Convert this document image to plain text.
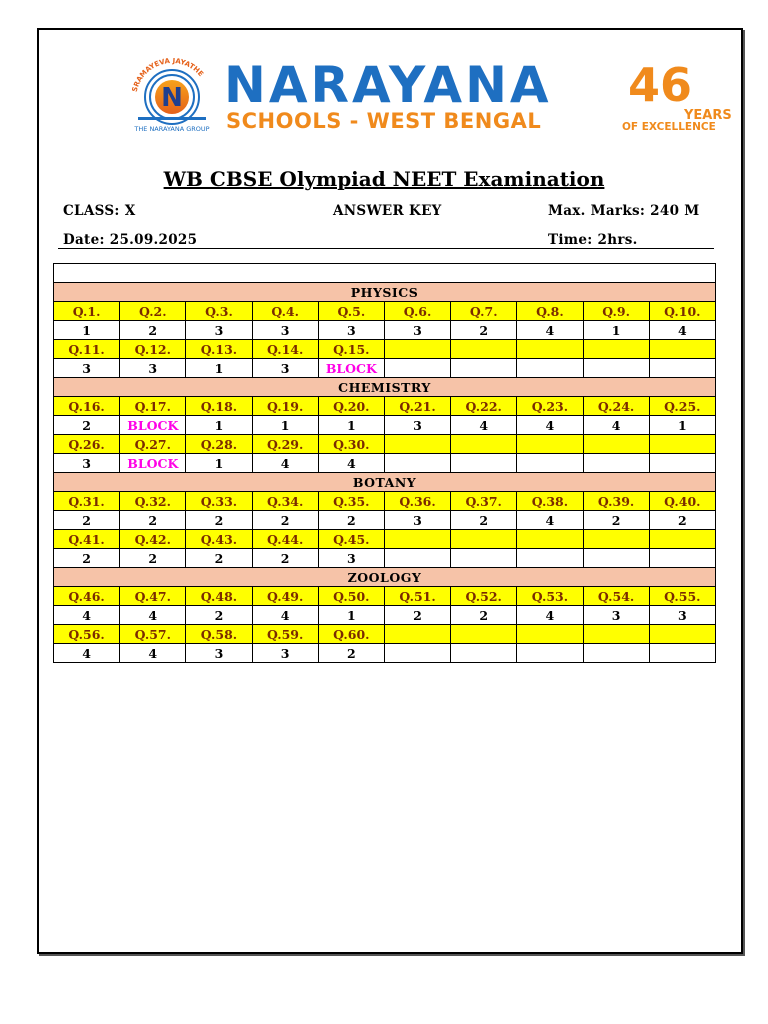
SRAMAYEVA JAYATHE
N
THE NARAYANA GROUP
NARAYANA
SCHOOLS - WEST BENGAL
46
YEARS
OF EXCELLENCE
WB CBSE Olympiad NEET Examination
CLASS: X	ANSWER KEY	Max. Marks: 240 M
Date: 25.09.2025	Time: 2hrs.

PHYSICS									
Q.1.	Q.2.	Q.3.	Q.4.	Q.5.	Q.6.	Q.7.	Q.8.	Q.9.	Q.10.
1	2	3	3	3	3	2	4	1	4
Q.11.	Q.12.	Q.13.	Q.14.	Q.15.					
3	3	1	3	BLOCK					
CHEMISTRY									
Q.16.	Q.17.	Q.18.	Q.19.	Q.20.	Q.21.	Q.22.	Q.23.	Q.24.	Q.25.
2	BLOCK	1	1	1	3	4	4	4	1
Q.26.	Q.27.	Q.28.	Q.29.	Q.30.					
3	BLOCK	1	4	4					
BOTANY									
Q.31.	Q.32.	Q.33.	Q.34.	Q.35.	Q.36.	Q.37.	Q.38.	Q.39.	Q.40.
2	2	2	2	2	3	2	4	2	2
Q.41.	Q.42.	Q.43.	Q.44.	Q.45.					
2	2	2	2	3					
ZOOLOGY									
Q.46.	Q.47.	Q.48.	Q.49.	Q.50.	Q.51.	Q.52.	Q.53.	Q.54.	Q.55.
4	4	2	4	1	2	2	4	3	3
Q.56.	Q.57.	Q.58.	Q.59.	Q.60.					
4	4	3	3	2					
